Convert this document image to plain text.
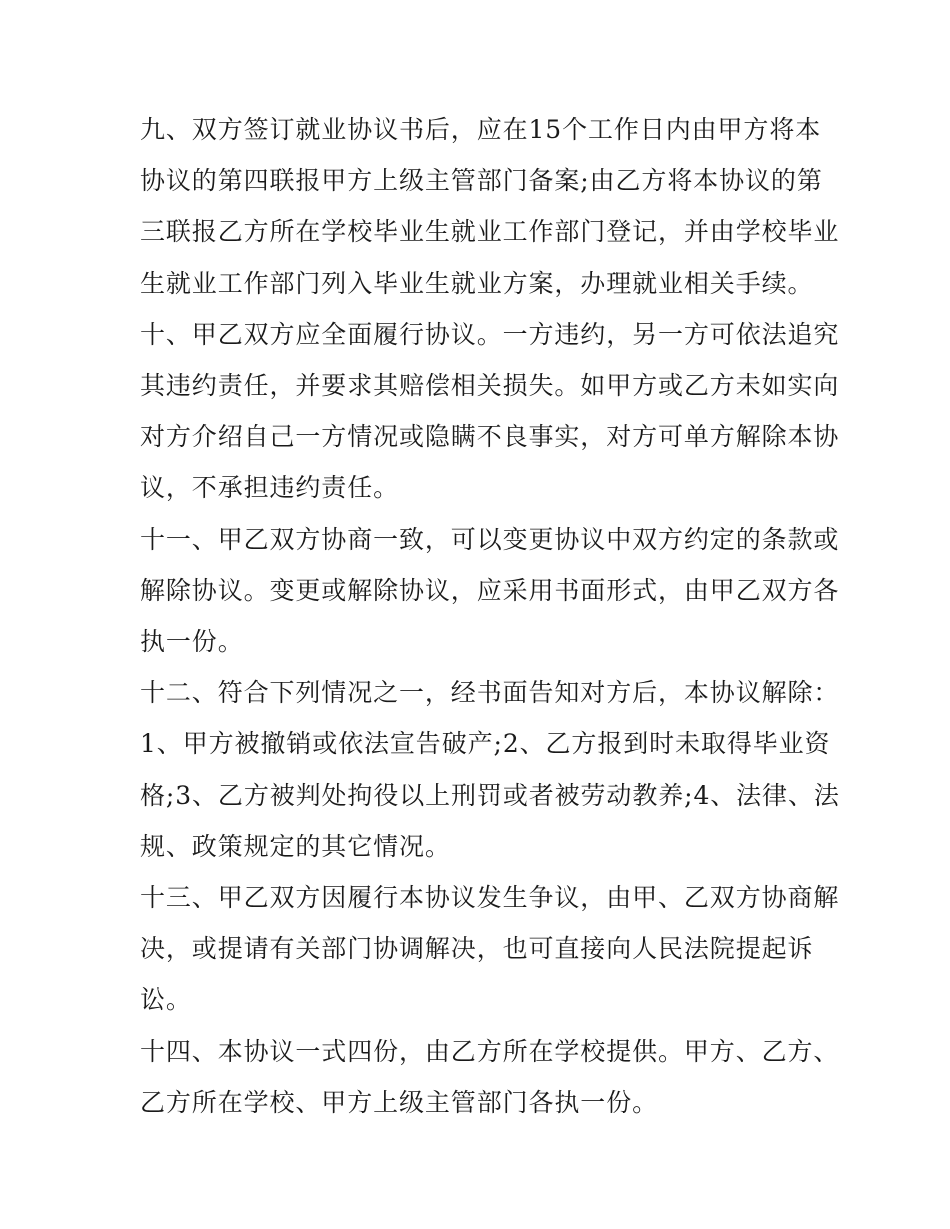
九、双方签订就业协议书后，应在15个工作日内由甲方将本
协议的第四联报甲方上级主管部门备案;由乙方将本协议的第
三联报乙方所在学校毕业生就业工作部门登记，并由学校毕业
生就业工作部门列入毕业生就业方案，办理就业相关手续。
十、甲乙双方应全面履行协议。一方违约，另一方可依法追究
其违约责任，并要求其赔偿相关损失。如甲方或乙方未如实向
对方介绍自己一方情况或隐瞒不良事实，对方可单方解除本协
议，不承担违约责任。
十一、甲乙双方协商一致，可以变更协议中双方约定的条款或
解除协议。变更或解除协议，应采用书面形式，由甲乙双方各
执一份。
十二、符合下列情况之一，经书面告知对方后，本协议解除：
1、甲方被撤销或依法宣告破产;2、乙方报到时未取得毕业资
格;3、乙方被判处拘役以上刑罚或者被劳动教养;4、法律、法
规、政策规定的其它情况。
十三、甲乙双方因履行本协议发生争议，由甲、乙双方协商解
决，或提请有关部门协调解决，也可直接向人民法院提起诉
讼。
十四、本协议一式四份，由乙方所在学校提供。甲方、乙方、
乙方所在学校、甲方上级主管部门各执一份。
